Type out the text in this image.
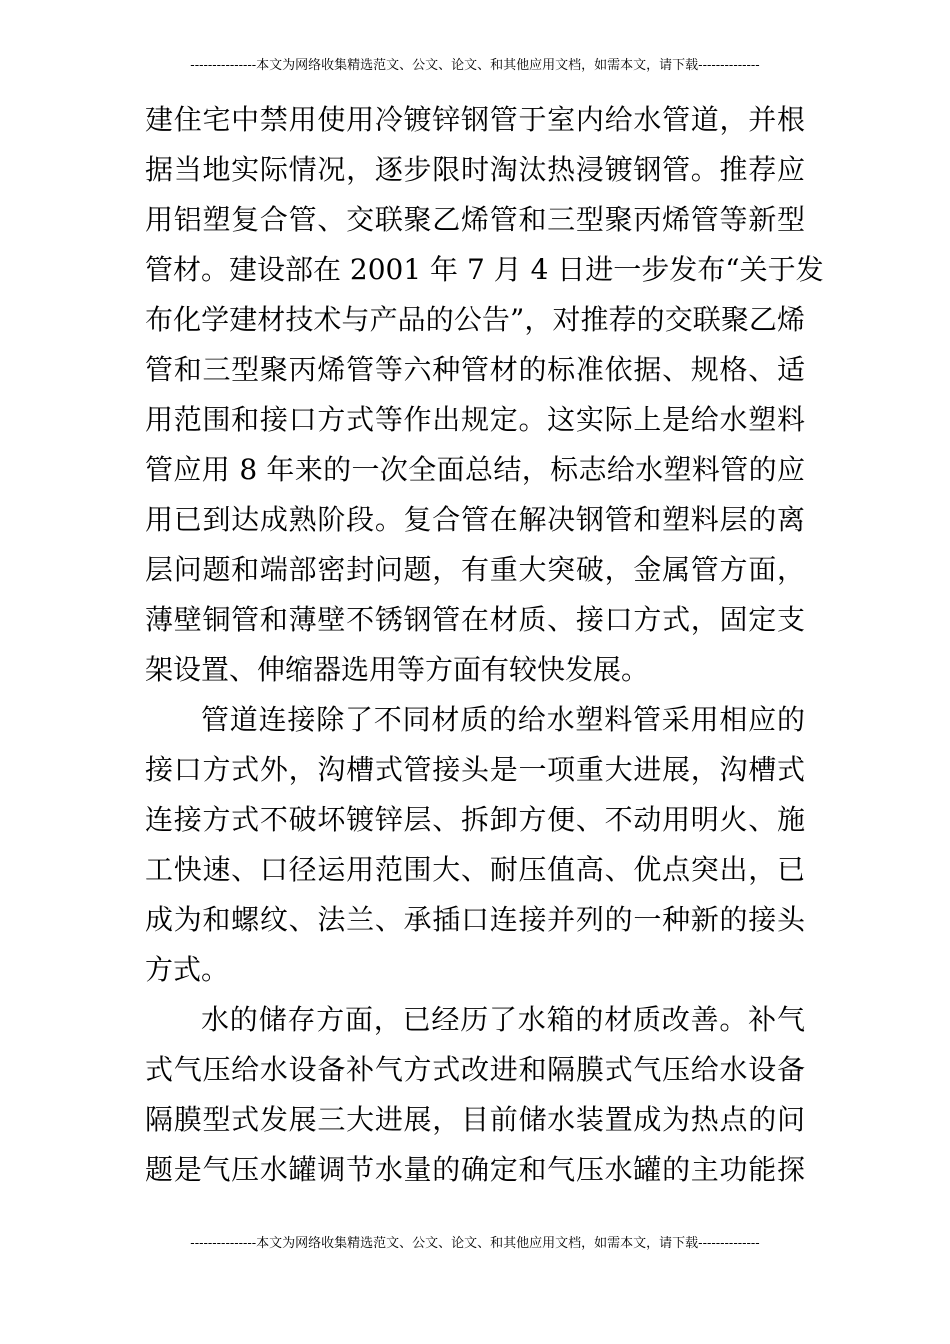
---------------本文为网络收集精选范文、公文、论文、和其他应用文档，如需本文，请下载--------------
建住宅中禁用使用冷镀锌钢管于室内给水管道，并根
据当地实际情况，逐步限时淘汰热浸镀钢管。推荐应
用铝塑复合管、交联聚乙烯管和三型聚丙烯管等新型
管材。建设部在 2001 年 7 月 4 日进一步发布“关于发
布化学建材技术与产品的公告”，对推荐的交联聚乙烯
管和三型聚丙烯管等六种管材的标准依据、规格、适
用范围和接口方式等作出规定。这实际上是给水塑料
管应用 8 年来的一次全面总结，标志给水塑料管的应
用已到达成熟阶段。复合管在解决钢管和塑料层的离
层问题和端部密封问题，有重大突破，金属管方面，
薄壁铜管和薄壁不锈钢管在材质、接口方式，固定支
架设置、伸缩器选用等方面有较快发展。
管道连接除了不同材质的给水塑料管采用相应的
接口方式外，沟槽式管接头是一项重大进展，沟槽式
连接方式不破坏镀锌层、拆卸方便、不动用明火、施
工快速、口径运用范围大、耐压值高、优点突出，已
成为和螺纹、法兰、承插口连接并列的一种新的接头
方式。
水的储存方面，已经历了水箱的材质改善。补气
式气压给水设备补气方式改进和隔膜式气压给水设备
隔膜型式发展三大进展，目前储水装置成为热点的问
题是气压水罐调节水量的确定和气压水罐的主功能探
---------------本文为网络收集精选范文、公文、论文、和其他应用文档，如需本文，请下载--------------
